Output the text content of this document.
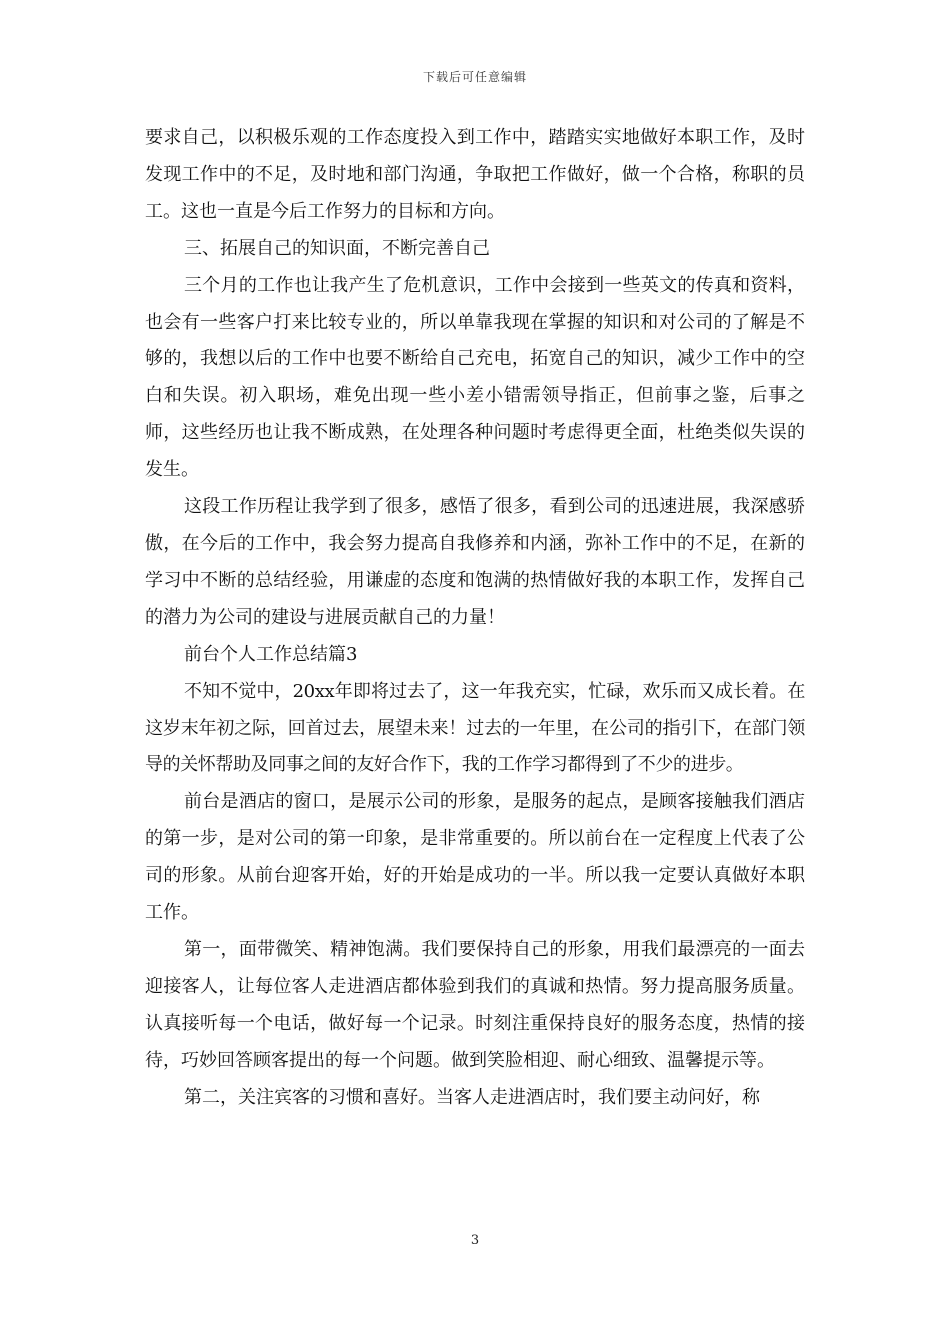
下载后可任意编辑

要求自己，以积极乐观的工作态度投入到工作中，踏踏实实地做好本职工作，及时发现工作中的不足，及时地和部门沟通，争取把工作做好，做一个合格，称职的员工。这也一直是今后工作努力的目标和方向。

三、拓展自己的知识面，不断完善自己

三个月的工作也让我产生了危机意识，工作中会接到一些英文的传真和资料，也会有一些客户打来比较专业的，所以单靠我现在掌握的知识和对公司的了解是不够的，我想以后的工作中也要不断给自己充电，拓宽自己的知识，减少工作中的空白和失误。初入职场，难免出现一些小差小错需领导指正，但前事之鉴，后事之师，这些经历也让我不断成熟，在处理各种问题时考虑得更全面，杜绝类似失误的发生。

这段工作历程让我学到了很多，感悟了很多，看到公司的迅速进展，我深感骄傲，在今后的工作中，我会努力提高自我修养和内涵，弥补工作中的不足，在新的学习中不断的总结经验，用谦虚的态度和饱满的热情做好我的本职工作，发挥自己的潜力为公司的建设与进展贡献自己的力量！

前台个人工作总结篇3

不知不觉中，20xx年即将过去了，这一年我充实，忙碌，欢乐而又成长着。在这岁末年初之际，回首过去，展望未来！过去的一年里，在公司的指引下，在部门领导的关怀帮助及同事之间的友好合作下，我的工作学习都得到了不少的进步。

前台是酒店的窗口，是展示公司的形象，是服务的起点，是顾客接触我们酒店的第一步，是对公司的第一印象，是非常重要的。所以前台在一定程度上代表了公司的形象。从前台迎客开始，好的开始是成功的一半。所以我一定要认真做好本职工作。

第一，面带微笑、精神饱满。我们要保持自己的形象，用我们最漂亮的一面去迎接客人，让每位客人走进酒店都体验到我们的真诚和热情。努力提高服务质量。认真接听每一个电话，做好每一个记录。时刻注重保持良好的服务态度，热情的接待，巧妙回答顾客提出的每一个问题。做到笑脸相迎、耐心细致、温馨提示等。

第二，关注宾客的习惯和喜好。当客人走进酒店时，我们要主动问好，称

3
